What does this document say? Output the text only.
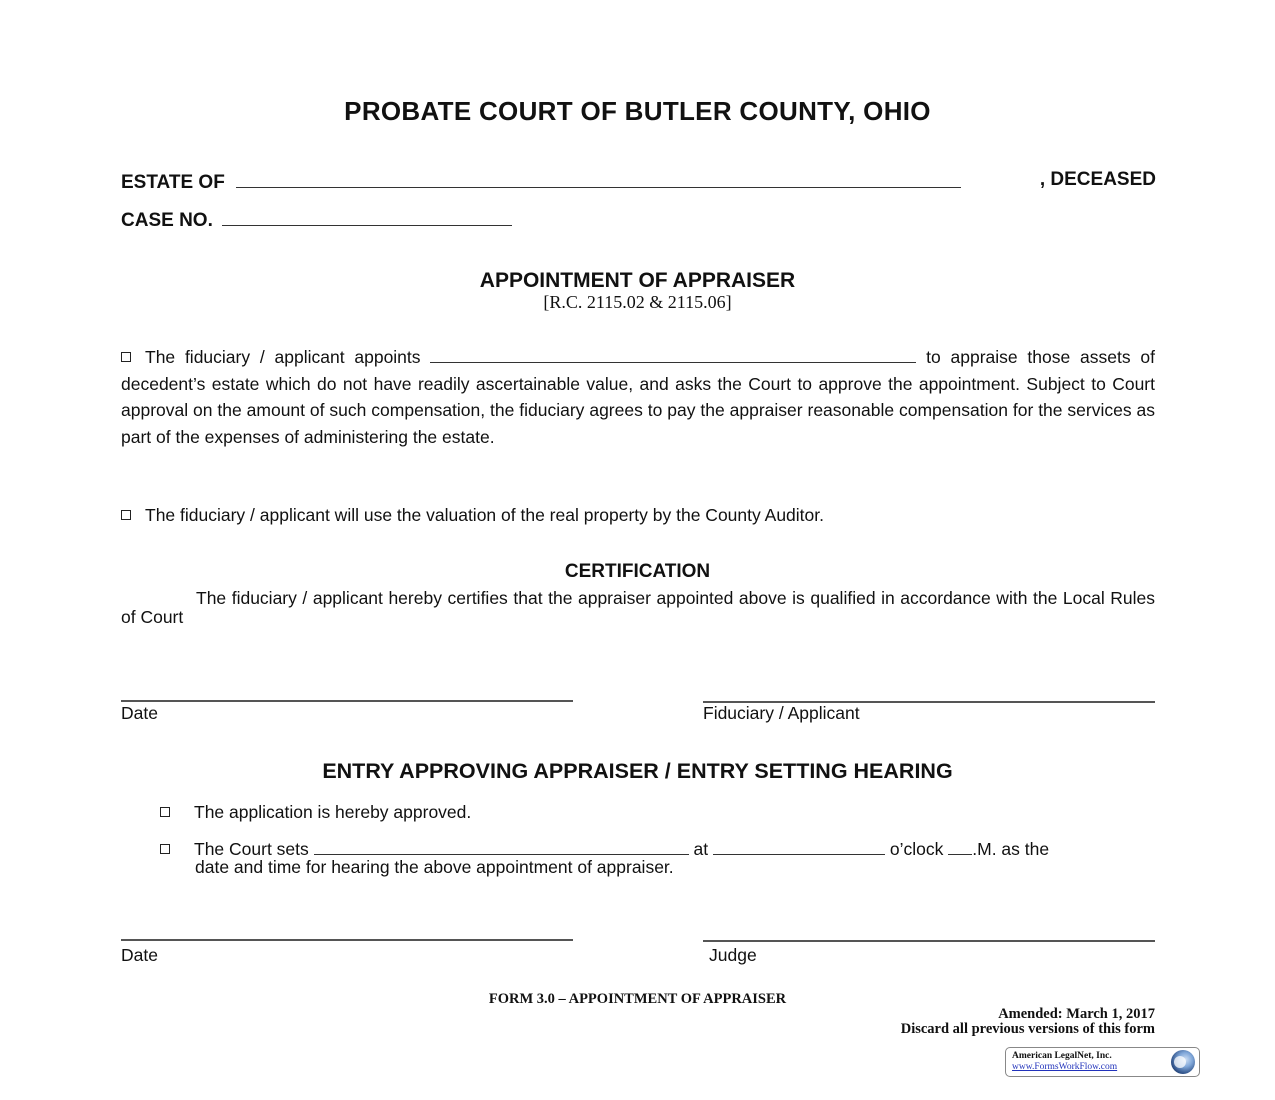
PROBATE COURT OF BUTLER COUNTY, OHIO
ESTATE OF	, DECEASED
CASE NO.
APPOINTMENT OF APPRAISER
[R.C. 2115.02 & 2115.06]
The fiduciary / applicant appoints	to appraise those assets of decedent’s estate which do not have readily ascertainable value, and asks the Court to approve the appointment. Subject to Court approval on the amount of such compensation, the fiduciary agrees to pay the appraiser reasonable compensation for the services as part of the expenses of administering the estate.
The fiduciary / applicant will use the valuation of the real property by the County Auditor.
CERTIFICATION
The fiduciary / applicant hereby certifies that the appraiser appointed above is qualified in accordance with the Local Rules of Court
Date	Fiduciary / Applicant
ENTRY APPROVING APPRAISER / ENTRY SETTING HEARING
The application is hereby approved.
The Court sets	at	o’clock .M. as the
date and time for hearing the above appointment of appraiser.
Date	Judge
FORM 3.0 – APPOINTMENT OF APPRAISER
Amended: March 1, 2017
Discard all previous versions of this form
American LegalNet, Inc.
www.FormsWorkFlow.com
